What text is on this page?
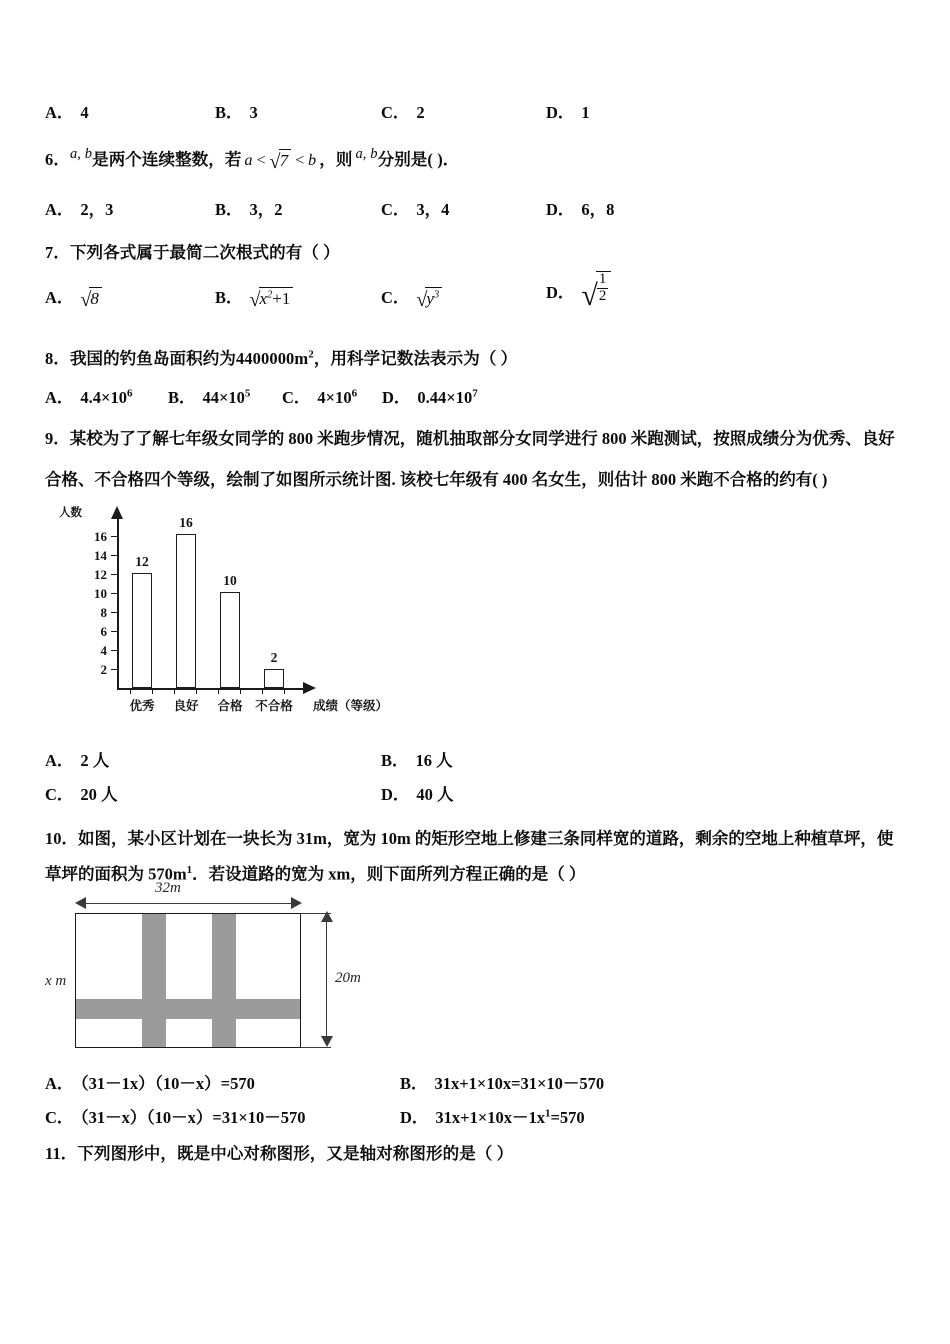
A． 4	B． 3	C． 2	D． 1
6．a, b是两个连续整数，若 a < √7 < b ，则 a, b分别是( )．
A． 2，3	B． 3，2	C． 3，4	D． 6，8
7．下列各式属于最简二次根式的有（ ）
A． √8	B． $√x^2+1$	C． $√y^3$	D． √ $\frac{1}{2}$
8．我国的钓鱼岛面积约为$4400000m^2$，用科学记数法表示为（ ）
A． $4.4\times 10^6$ B． $44\times 10^5$ C． $4\times 10^6$ D． $0.44\times 10^7$
9．某校为了了解七年级女同学的 800 米跑步情况，随机抽取部分女同学进行 800 米跑测试，按照成绩分为优秀、良好
合格、不合格四个等级，绘制了如图所示统计图. 该校七年级有 400 名女生，则估计 800 米跑不合格的约有( )
人数
成绩（等级）
16
14
12
10
8
6
4
2
12
16
10
2
优秀	良好	合格	不合格
A． 2 人	B． 16 人
C． 20 人	D． 40 人
10．如图，某小区计划在一块长为 31m，宽为 10m 的矩形空地上修建三条同样宽的道路，剩余的空地上种植草坪，使
草坪的面积为 $570m^1$．若设道路的宽为 xm，则下面所列方程正确的是（ ）
32m
20m
x m
A． （31－1x）（10－x）=570	B． 31x+1×10x=31×10－570
C． （31－x）（10－x）=31×10－570	D． $31x+1\times 10x-1x^1=570$
11．下列图形中，既是中心对称图形，又是轴对称图形的是（ ）
